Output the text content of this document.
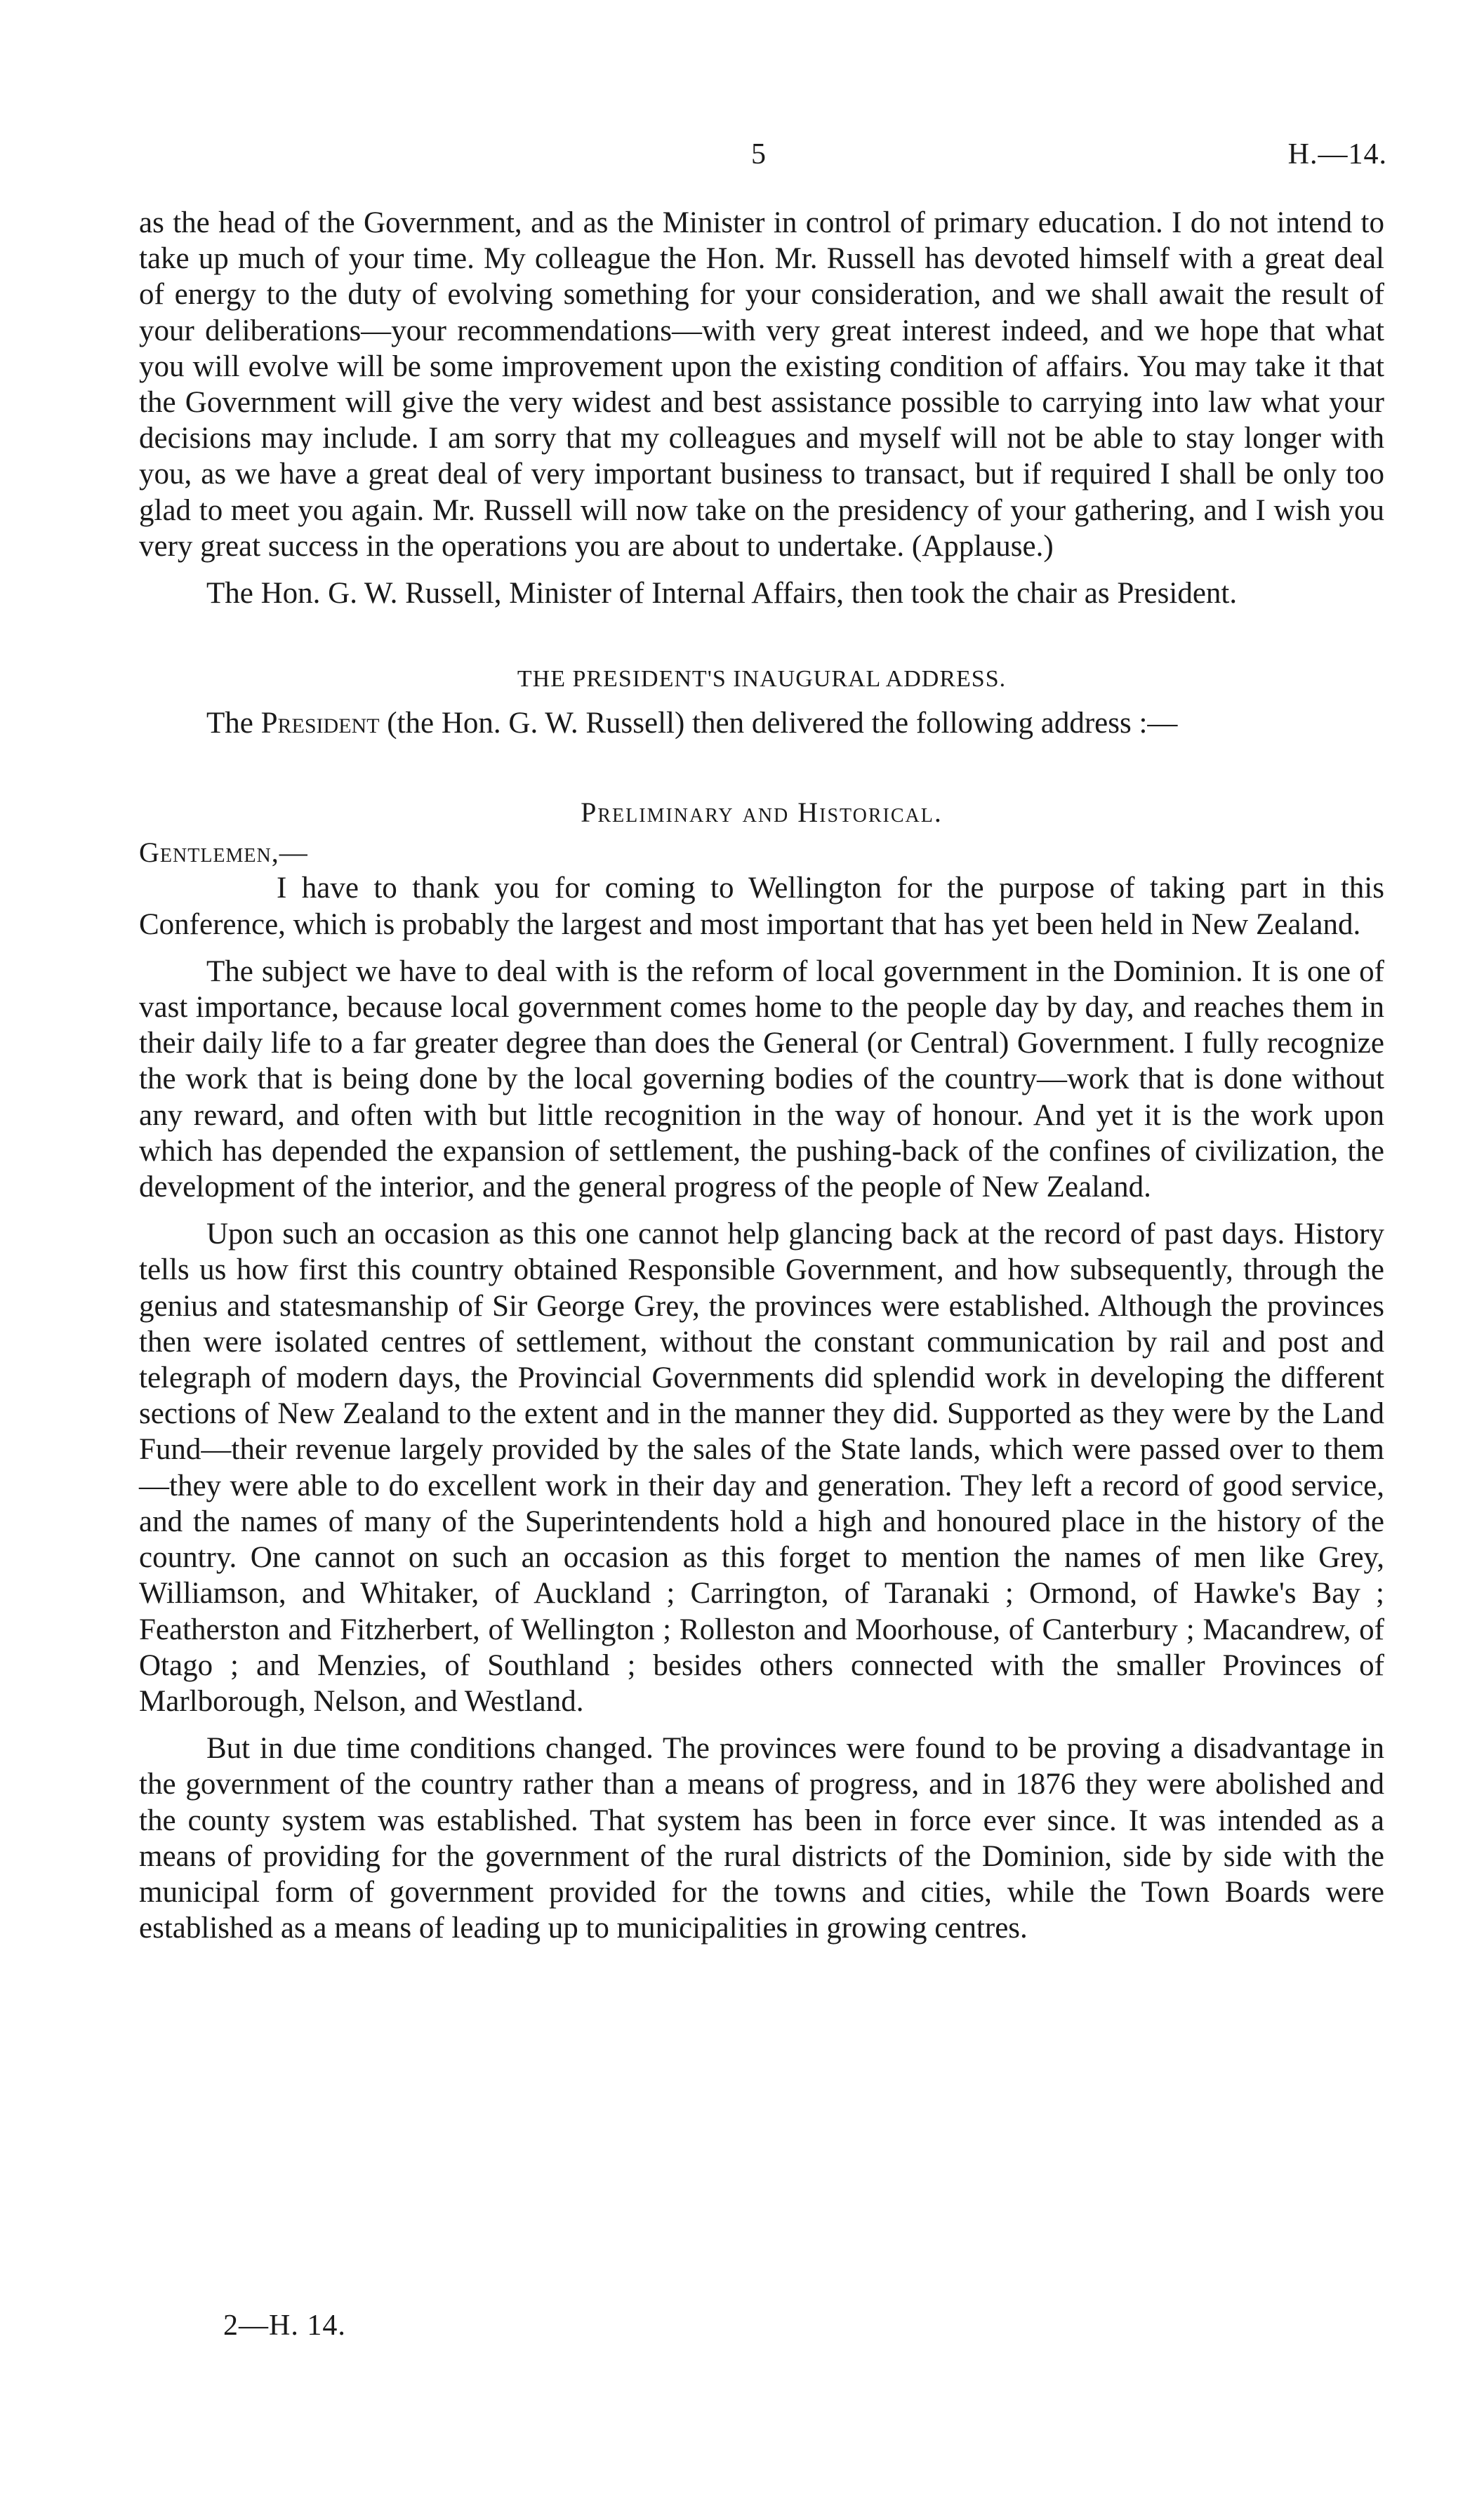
5	H.—14.

as the head of the Government, and as the Minister in control of primary education. I do not intend to take up much of your time. My colleague the Hon. Mr. Russell has devoted himself with a great deal of energy to the duty of evolving something for your consideration, and we shall await the result of your deliberations—your recommendations—with very great interest indeed, and we hope that what you will evolve will be some improvement upon the existing condition of affairs. You may take it that the Government will give the very widest and best assistance possible to carrying into law what your decisions may include. I am sorry that my colleagues and myself will not be able to stay longer with you, as we have a great deal of very important business to transact, but if required I shall be only too glad to meet you again. Mr. Russell will now take on the presidency of your gathering, and I wish you very great success in the operations you are about to undertake. (Applause.)

The Hon. G. W. Russell, Minister of Internal Affairs, then took the chair as President.

THE PRESIDENT'S INAUGURAL ADDRESS.

The President (the Hon. G. W. Russell) then delivered the following address :—

Preliminary and Historical.
Gentlemen,—

I have to thank you for coming to Wellington for the purpose of taking part in this Conference, which is probably the largest and most important that has yet been held in New Zealand.

The subject we have to deal with is the reform of local government in the Dominion. It is one of vast importance, because local government comes home to the people day by day, and reaches them in their daily life to a far greater degree than does the General (or Central) Government. I fully recognize the work that is being done by the local governing bodies of the country—work that is done without any reward, and often with but little recognition in the way of honour. And yet it is the work upon which has depended the expansion of settlement, the pushing-back of the confines of civilization, the development of the interior, and the general progress of the people of New Zealand.

Upon such an occasion as this one cannot help glancing back at the record of past days. History tells us how first this country obtained Responsible Government, and how subsequently, through the genius and statesmanship of Sir George Grey, the provinces were established. Although the provinces then were isolated centres of settlement, without the constant communication by rail and post and telegraph of modern days, the Provincial Governments did splendid work in developing the different sections of New Zealand to the extent and in the manner they did. Supported as they were by the Land Fund—their revenue largely provided by the sales of the State lands, which were passed over to them—they were able to do excellent work in their day and generation. They left a record of good service, and the names of many of the Superintendents hold a high and honoured place in the history of the country. One cannot on such an occasion as this forget to mention the names of men like Grey, Williamson, and Whitaker, of Auckland ; Carrington, of Taranaki ; Ormond, of Hawke's Bay ; Featherston and Fitzherbert, of Wellington ; Rolleston and Moorhouse, of Canterbury ; Macandrew, of Otago ; and Menzies, of Southland ; besides others connected with the smaller Provinces of Marlborough, Nelson, and Westland.

But in due time conditions changed. The provinces were found to be proving a disadvantage in the government of the country rather than a means of progress, and in 1876 they were abolished and the county system was established. That system has been in force ever since. It was intended as a means of providing for the government of the rural districts of the Dominion, side by side with the municipal form of government provided for the towns and cities, while the Town Boards were established as a means of leading up to municipalities in growing centres.

2—H. 14.
